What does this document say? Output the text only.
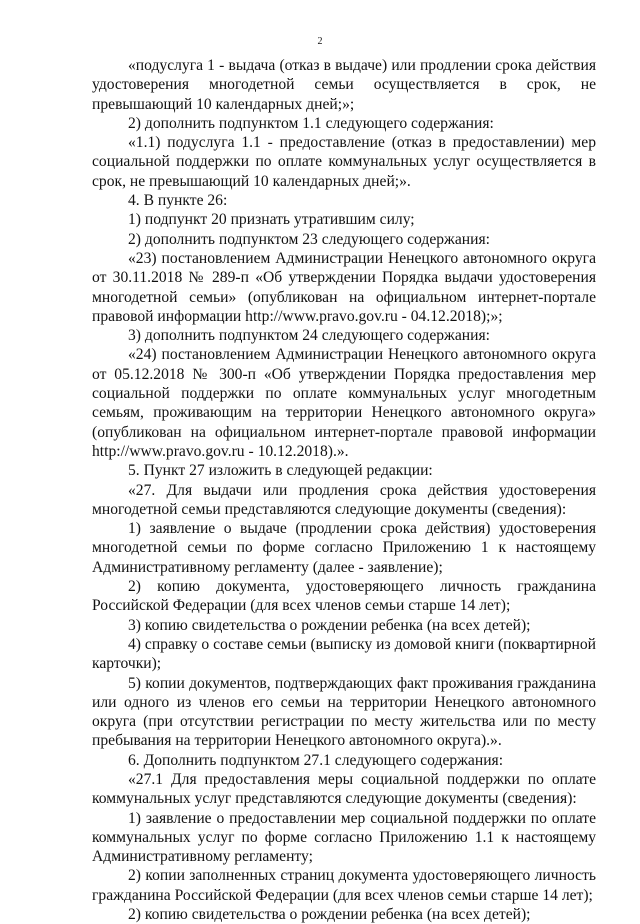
2

«подуслуга 1 - выдача (отказ в выдаче) или продлении срока действия удостоверения многодетной семьи осуществляется в срок, не превышающий 10 календарных дней;»;

2) дополнить подпунктом 1.1 следующего содержания:

«1.1) подуслуга 1.1 - предоставление (отказ в предоставлении) мер социальной поддержки по оплате коммунальных услуг осуществляется в срок, не превышающий 10 календарных дней;».

4. В пункте 26:

1) подпункт 20 признать утратившим силу;

2) дополнить подпунктом 23 следующего содержания:

«23) постановлением Администрации Ненецкого автономного округа от 30.11.2018 № 289-п «Об утверждении Порядка выдачи удостоверения многодетной семьи» (опубликован на официальном интернет-портале правовой информации http://www.pravo.gov.ru - 04.12.2018);»;

3) дополнить подпунктом 24 следующего содержания:

«24) постановлением Администрации Ненецкого автономного округа от 05.12.2018 № 300-п «Об утверждении Порядка предоставления мер социальной поддержки по оплате коммунальных услуг многодетным семьям, проживающим на территории Ненецкого автономного округа» (опубликован на официальном интернет-портале правовой информации http://www.pravo.gov.ru - 10.12.2018).».

5. Пункт 27 изложить в следующей редакции:

«27. Для выдачи или продления срока действия удостоверения многодетной семьи представляются следующие документы (сведения):

1) заявление о выдаче (продлении срока действия) удостоверения многодетной семьи по форме согласно Приложению 1 к настоящему Административному регламенту (далее - заявление);

2) копию документа, удостоверяющего личность гражданина Российской Федерации (для всех членов семьи старше 14 лет);

3) копию свидетельства о рождении ребенка (на всех детей);

4) справку о составе семьи (выписку из домовой книги (поквартирной карточки);

5) копии документов, подтверждающих факт проживания гражданина или одного из членов его семьи на территории Ненецкого автономного округа (при отсутствии регистрации по месту жительства или по месту пребывания на территории Ненецкого автономного округа).».

6. Дополнить подпунктом 27.1 следующего содержания:

«27.1 Для предоставления меры социальной поддержки по оплате коммунальных услуг представляются следующие документы (сведения):

1) заявление о предоставлении мер социальной поддержки по оплате коммунальных услуг по форме согласно Приложению 1.1 к настоящему Административному регламенту;

2) копии заполненных страниц документа удостоверяющего личность гражданина Российской Федерации (для всех членов семьи старше 14 лет);

2) копию свидетельства о рождении ребенка (на всех детей);
